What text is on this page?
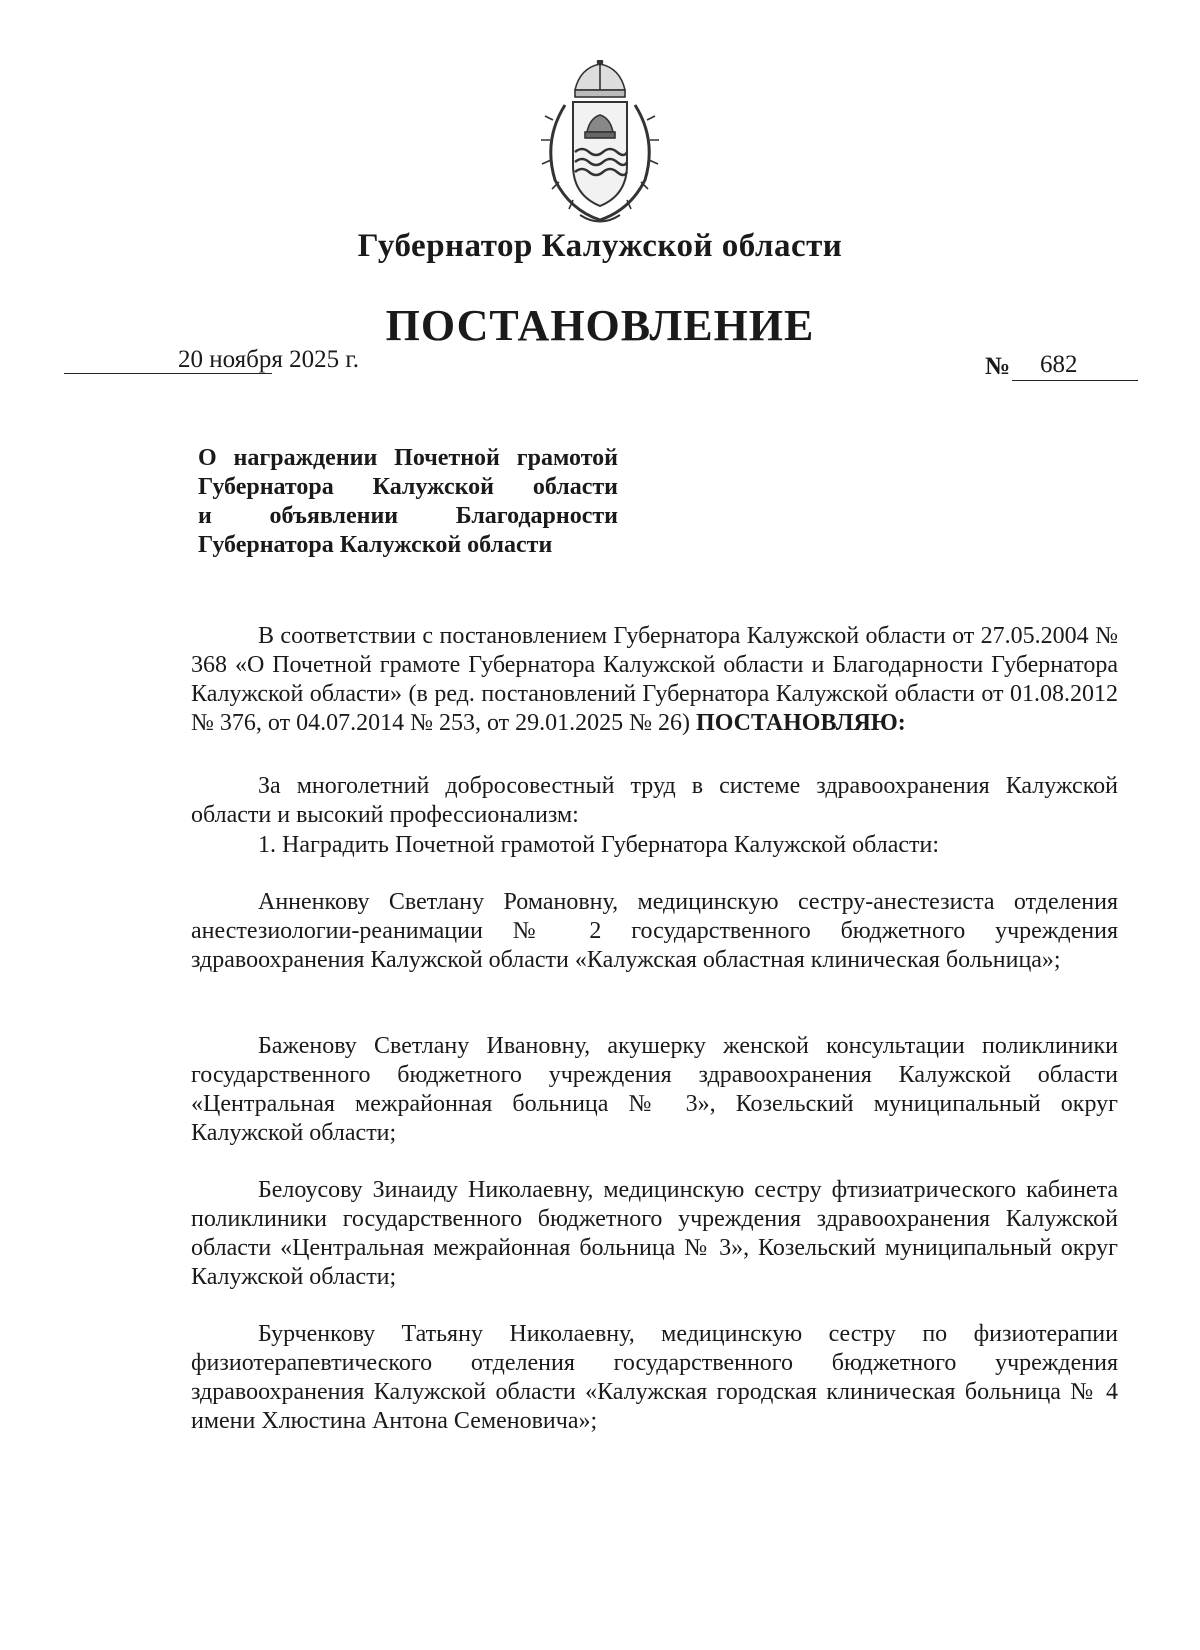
Губернатор Калужской области
ПОСТАНОВЛЕНИЕ
20 ноября 2025 г.	№ 682
О награждении Почетной грамотой
Губернатора Калужской области
и объявлении Благодарности
Губернатора Калужской области

В соответствии с постановлением Губернатора Калужской области от 27.05.2004 № 368 «О Почетной грамоте Губернатора Калужской области и Благодарности Губернатора Калужской области» (в ред. постановлений Губернатора Калужской области от 01.08.2012 № 376, от 04.07.2014 № 253, от 29.01.2025 № 26) ПОСТАНОВЛЯЮ:

За многолетний добросовестный труд в системе здравоохранения Калужской области и высокий профессионализм:

1. Наградить Почетной грамотой Губернатора Калужской области:

Анненкову Светлану Романовну, медицинскую сестру-анестезиста отделения анестезиологии-реанимации № 2 государственного бюджетного учреждения здравоохранения Калужской области «Калужская областная клиническая больница»;

Баженову Светлану Ивановну, акушерку женской консультации поликлиники государственного бюджетного учреждения здравоохранения Калужской области «Центральная межрайонная больница № 3», Козельский муниципальный округ Калужской области;

Белоусову Зинаиду Николаевну, медицинскую сестру фтизиатрического кабинета поликлиники государственного бюджетного учреждения здравоохранения Калужской области «Центральная межрайонная больница № 3», Козельский муниципальный округ Калужской области;

Бурченкову Татьяну Николаевну, медицинскую сестру по физиотерапии физиотерапевтического отделения государственного бюджетного учреждения здравоохранения Калужской области «Калужская городская клиническая больница № 4 имени Хлюстина Антона Семеновича»;
